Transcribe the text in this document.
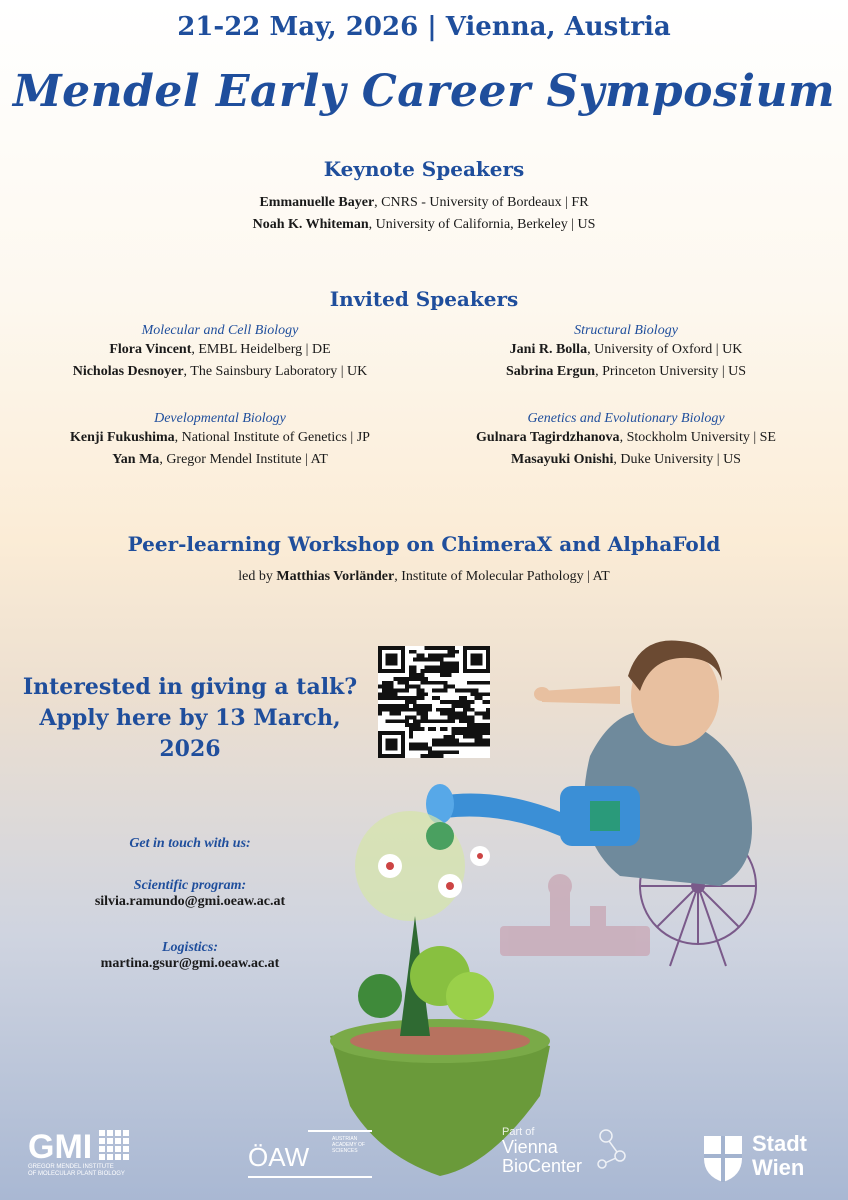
21-22 May, 2026 | Vienna, Austria
Mendel Early Career Symposium
Keynote Speakers
Emmanuelle Bayer, CNRS - University of Bordeaux | FR
Noah K. Whiteman, University of California, Berkeley | US
Invited Speakers
Molecular and Cell Biology
Flora Vincent, EMBL Heidelberg | DE
Nicholas Desnoyer, The Sainsbury Laboratory | UK
Structural Biology
Jani R. Bolla, University of Oxford | UK
Sabrina Ergun, Princeton University | US
Developmental Biology
Kenji Fukushima, National Institute of Genetics | JP
Yan Ma, Gregor Mendel Institute | AT
Genetics and Evolutionary Biology
Gulnara Tagirdzhanova, Stockholm University | SE
Masayuki Onishi, Duke University | US
Peer-learning Workshop on ChimeraX and AlphaFold
led by Matthias Vorländer, Institute of Molecular Pathology | AT
Interested in giving a talk?
Apply here by 13 March, 2026
Get in touch with us:
Scientific program:
silvia.ramundo@gmi.oeaw.ac.at
Logistics:
martina.gsur@gmi.oeaw.ac.at
GMI
GREGOR MENDEL INSTITUTE
OF MOLECULAR PLANT BIOLOGY
ÖAW
AUSTRIAN
ACADEMY OF
SCIENCES
Part of
Vienna
BioCenter
Stadt
Wien
